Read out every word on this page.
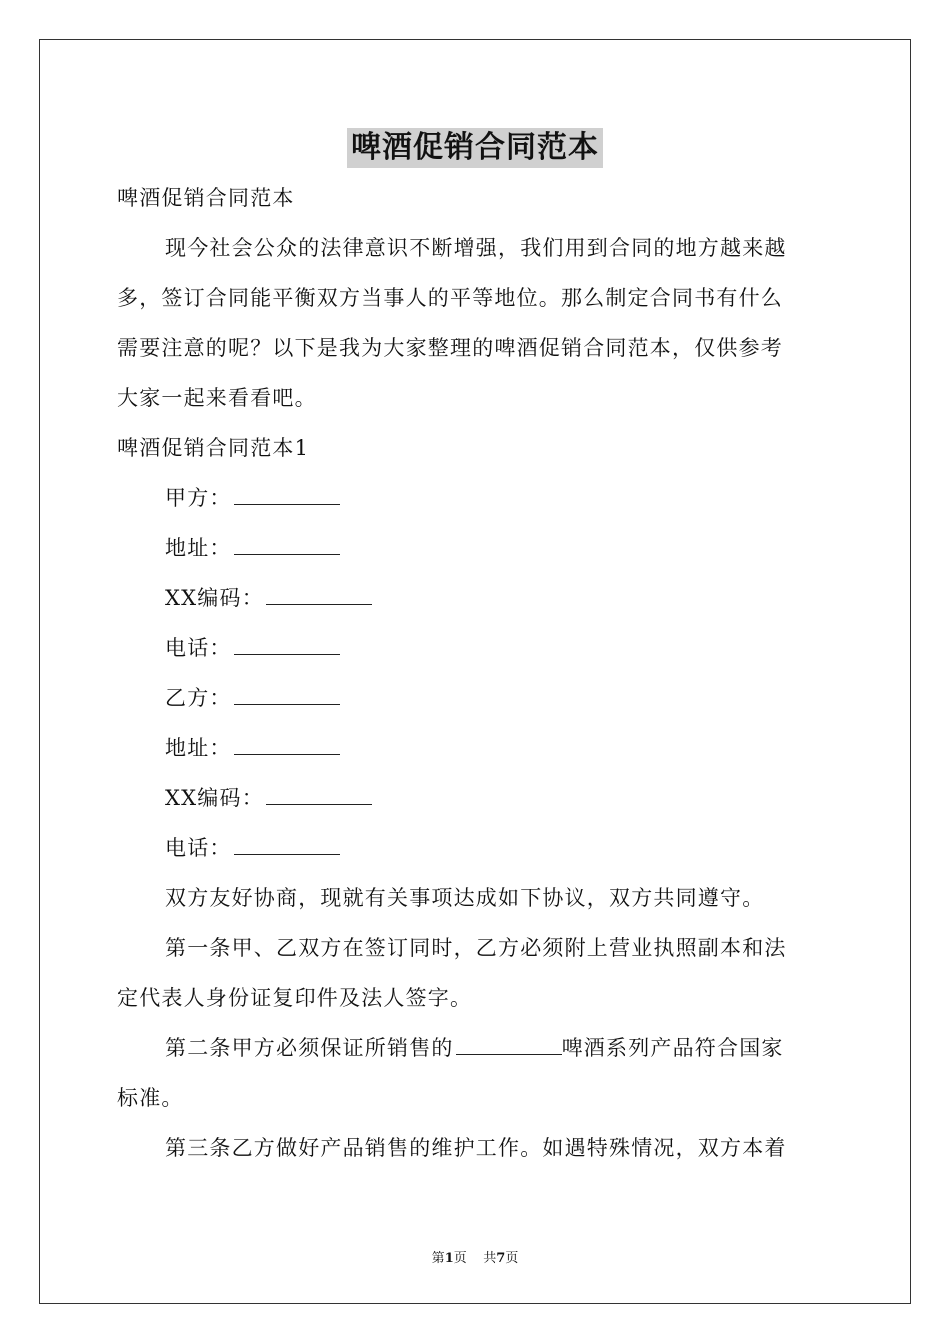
啤酒促销合同范本
啤酒促销合同范本
现今社会公众的法律意识不断增强，我们用到合同的地方越来越
多，签订合同能平衡双方当事人的平等地位。那么制定合同书有什么
需要注意的呢？以下是我为大家整理的啤酒促销合同范本，仅供参考
大家一起来看看吧。
啤酒促销合同范本1
甲方：
地址：
XX编码：
电话：
乙方：
地址：
XX编码：
电话：
双方友好协商，现就有关事项达成如下协议，双方共同遵守。
第一条甲、乙双方在签订同时，乙方必须附上营业执照副本和法
定代表人身份证复印件及法人签字。
第二条甲方必须保证所销售的	啤酒系列产品符合国家
标准。
第三条乙方做好产品销售的维护工作。如遇特殊情况，双方本着
第1页    共7页
